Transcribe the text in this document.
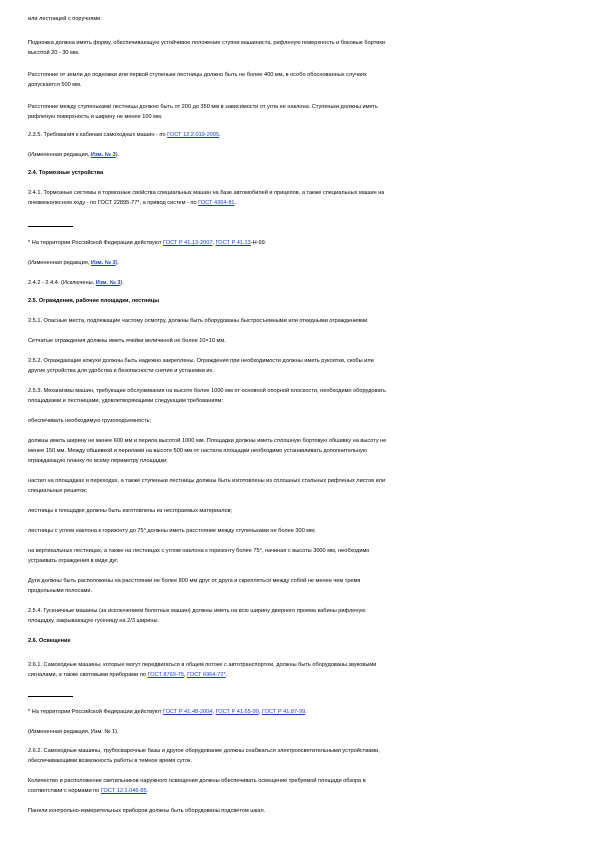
или лестницей с поручнями.
Подножка должна иметь форму, обеспечивающую устойчивое положение ступни машиниста, рифленую поверхность и боковые бортики
высотой 20 - 30 мм.
Расстояние от земли до подножки или первой ступеньки лестницы должно быть не более 400 мм, в особо обоснованных случаях
допускается 500 мм.
Расстояние между ступеньками лестницы должно быть от 200 до 350 мм в зависимости от угла ее наклона. Ступеньки должны иметь
рифленую поверхность и ширину не менее 100 мм.
2.3.5. Требования к кабинам самоходных машин - по ГОСТ 12.2.019-2005.
(Измененная редакция, Изм. № 3).
2.4. Тормозные устройства
2.4.1. Тормозные системы и тормозные свойства специальных машин на базе автомобилей и прицепов, а также специальных машин на
пневмоколесном ходу - по ГОСТ 22895-77*, а привод систем - по ГОСТ 4364-81.
* На территории Российской Федерации действуют ГОСТ Р 41.13-2007, ГОСТ Р 41.13-Н-99.
(Измененная редакция, Изм. № 3).
2.4.2 - 2.4.4. (Исключены, Изм. № 3).
2.5. Ограждения, рабочие площадки, лестницы
2.5.1. Опасные места, подлежащие частому осмотру, должны быть оборудованы быстросъемными или откидными ограждениями.
Сетчатые ограждения должны иметь ячейки величиной не более 10×10 мм.
2.5.2. Ограждающие кожухи должны быть надежно закреплены. Ограждения при необходимости должны иметь рукоятки, скобы или
другие устройства для удобства и безопасности снятия и установки их.
2.5.3. Механизмы машин, требующие обслуживания на высоте более 1000 мм от основной опорной плоскости, необходимо оборудовать
площадками и лестницами, удовлетворяющими следующим требованиям:
обеспечивать необходимую грузоподъемность;
должны иметь ширину не менее 600 мм и перила высотой 1000 мм. Площадки должны иметь сплошную бортовую обшивку на высоту не
менее 150 мм. Между обшивкой и перилами на высоте 500 мм от настила площадки необходимо устанавливать дополнительную
ограждающую планку по всему периметру площадки;
настил на площадках и переходах, а также ступеньки лестницы должны быть изготовлены из сплошных стальных рифленых листов или
специальных решеток;
лестницы к площадке должны быть изготовлены из несгораемых материалов;
лестницы с углом наклона к горизонту до 75° должны иметь расстояние между ступеньками не более 300 мм;
на вертикальных лестницах, а также на лестницах с углом наклона к горизонту более 75°, начиная с высоты 3000 мм, необходимо
устраивать ограждения в виде дуг.
Дуги должны быть расположены на расстоянии не более 800 мм друг от друга и скрепляться между собой не менее чем тремя
продольными полосами.
2.5.4. Гусеничные машины (за исключением болотных машин) должны иметь на всю ширину дверного проема кабины рифленую
площадку, закрывающую гусеницу на 2/3 ширины.
2.6. Освещение
2.6.1. Самоходные машины, которые могут передвигаться в общем потоке с автотранспортом, должны быть оборудованы звуковыми
сигналами, а также световыми приборами по ГОСТ 8769-75, ГОСТ 6964-72*.
* На территории Российской Федерации действуют ГОСТ Р 41.48-2004, ГОСТ Р 41.65-99, ГОСТ Р 41.87-99.
(Измененная редакция, Изм. № 1).
2.6.2. Самоходные машины, трубосварочные базы и другое оборудование должны снабжаться электроосветительными устройствами,
обеспечивающими возможность работы в темное время суток.
Количество и расположение светильников наружного освещения должны обеспечивать освещение требуемой площади обзора в
соответствии с нормами по ГОСТ 12.1.046-85.
Панели контрольно-измерительных приборов должны быть оборудованы подсветом шкал.
